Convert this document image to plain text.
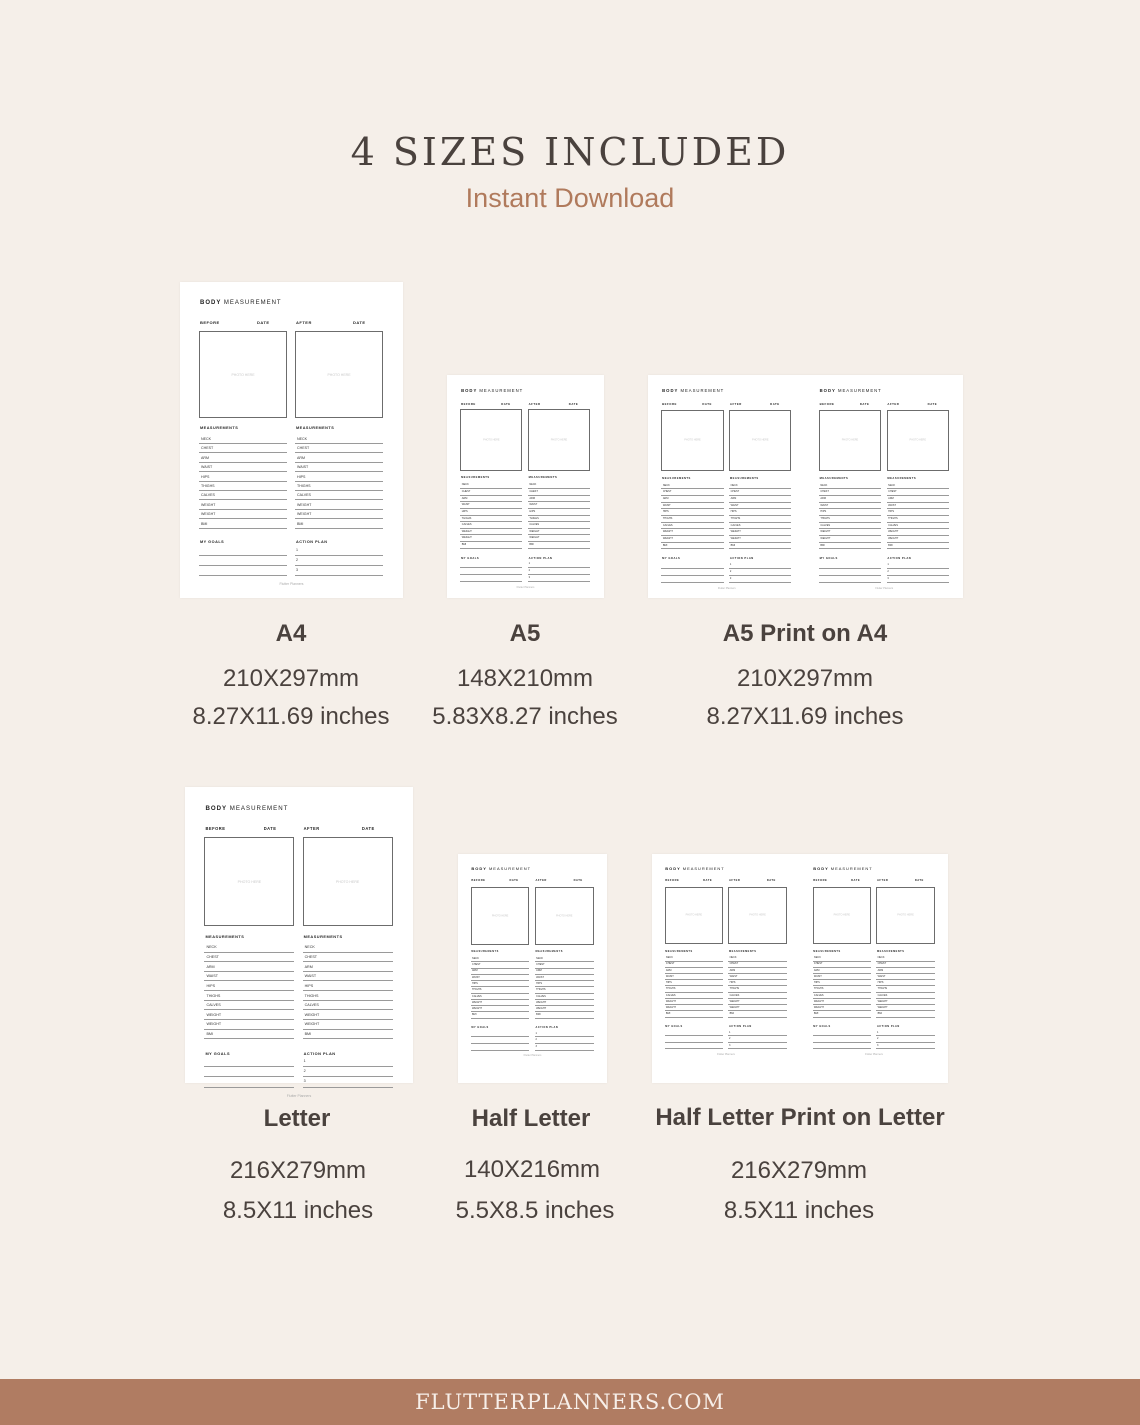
4 SIZES INCLUDED
Instant Download
BODY MEASUREMENT
BEFORE	DATE	AFTER	DATE
PHOTO HERE	PHOTO HERE
MEASUREMENTS	MEASUREMENTS
NECK	NECK
CHEST	CHEST
ARM	ARM
WAIST	WAIST
HIPS	HIPS
THIGHS	THIGHS
CALVES	CALVES
WEIGHT	WEIGHT
WEIGHT	WEIGHT
BMI	BMI
MY GOALS	ACTION PLAN
1
2
3
Flutter Planners
BODY MEASUREMENT
BEFORE	DATE	AFTER	DATE
PHOTO HERE	PHOTO HERE
MEASUREMENTS	MEASUREMENTS
NECK	NECK
CHEST	CHEST
ARM	ARM
WAIST	WAIST
HIPS	HIPS
THIGHS	THIGHS
CALVES	CALVES
WEIGHT	WEIGHT
WEIGHT	WEIGHT
BMI	BMI
MY GOALS	ACTION PLAN
1
2
3
Flutter Planners
BODY MEASUREMENT
BEFORE	DATE	AFTER	DATE
PHOTO HERE	PHOTO HERE
MEASUREMENTS	MEASUREMENTS
NECK	NECK
CHEST	CHEST
ARM	ARM
WAIST	WAIST
HIPS	HIPS
THIGHS	THIGHS
CALVES	CALVES
WEIGHT	WEIGHT
WEIGHT	WEIGHT
BMI	BMI
MY GOALS	ACTION PLAN
1
2
3
Flutter Planners
BODY MEASUREMENT
BEFORE	DATE	AFTER	DATE
PHOTO HERE	PHOTO HERE
MEASUREMENTS	MEASUREMENTS
NECK	NECK
CHEST	CHEST
ARM	ARM
WAIST	WAIST
HIPS	HIPS
THIGHS	THIGHS
CALVES	CALVES
WEIGHT	WEIGHT
WEIGHT	WEIGHT
BMI	BMI
MY GOALS	ACTION PLAN
1
2
3
Flutter Planners
BODY MEASUREMENT
BEFORE	DATE	AFTER	DATE
PHOTO HERE	PHOTO HERE
MEASUREMENTS	MEASUREMENTS
NECK	NECK
CHEST	CHEST
ARM	ARM
WAIST	WAIST
HIPS	HIPS
THIGHS	THIGHS
CALVES	CALVES
WEIGHT	WEIGHT
WEIGHT	WEIGHT
BMI	BMI
MY GOALS	ACTION PLAN
1
2
3
Flutter Planners
BODY MEASUREMENT
BEFORE	DATE	AFTER	DATE
PHOTO HERE	PHOTO HERE
MEASUREMENTS	MEASUREMENTS
NECK	NECK
CHEST	CHEST
ARM	ARM
WAIST	WAIST
HIPS	HIPS
THIGHS	THIGHS
CALVES	CALVES
WEIGHT	WEIGHT
WEIGHT	WEIGHT
BMI	BMI
MY GOALS	ACTION PLAN
1
2
3
Flutter Planners
BODY MEASUREMENT
BEFORE	DATE	AFTER	DATE
PHOTO HERE	PHOTO HERE
MEASUREMENTS	MEASUREMENTS
NECK	NECK
CHEST	CHEST
ARM	ARM
WAIST	WAIST
HIPS	HIPS
THIGHS	THIGHS
CALVES	CALVES
WEIGHT	WEIGHT
WEIGHT	WEIGHT
BMI	BMI
MY GOALS	ACTION PLAN
1
2
3
Flutter Planners
BODY MEASUREMENT
BEFORE	DATE	AFTER	DATE
PHOTO HERE	PHOTO HERE
MEASUREMENTS	MEASUREMENTS
NECK	NECK
CHEST	CHEST
ARM	ARM
WAIST	WAIST
HIPS	HIPS
THIGHS	THIGHS
CALVES	CALVES
WEIGHT	WEIGHT
WEIGHT	WEIGHT
BMI	BMI
MY GOALS	ACTION PLAN
1
2
3
Flutter Planners
A4
210X297mm
8.27X11.69 inches
A5
148X210mm
5.83X8.27 inches
A5 Print on A4
210X297mm
8.27X11.69 inches
Letter
216X279mm
8.5X11 inches
Half Letter
140X216mm
5.5X8.5 inches
Half Letter Print on Letter
216X279mm
8.5X11 inches
FLUTTERPLANNERS.COM
